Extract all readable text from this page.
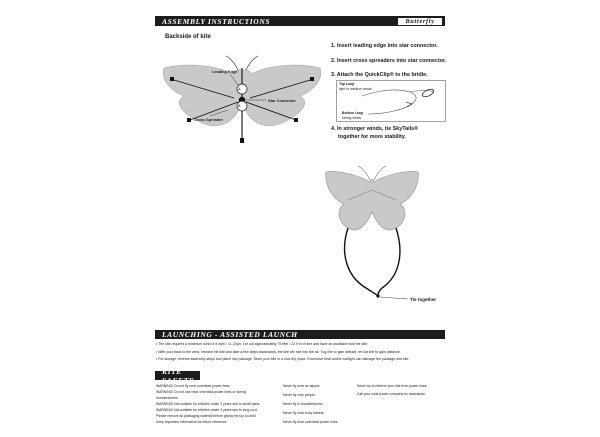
ASSEMBLY INSTRUCTIONS	Butterfly
Backside of kite
1.
2.
Leading Edge
Star Connecter
Cross Spreader
1. Insert leading edge into star connector.
2. Insert cross spreaders into star connector.
3. Attach the QuickClip® to the bridle.
4. In stronger winds, tie SkyTails®
together for more stability.
Top Loop
light to medium winds
Bottom Loop
strong winds
Tie together
LAUNCHING - ASSISTED LAUNCH
• The kite requires a minimum wind of 8 mph / 11.3 kph. Let out approximately 75 feet / 22.9 m of line and have an assistant hold the kite.
• With your back to the wind, release the kite and take a few steps backwards, the kite will rise into the air. Tug line to gain altitude, let out line to gain distance.
• For storage, reverse assembly steps and place into package. Store your kite in a cool dry place. Excessive heat and/or sunlight can damage the package and kite.
KITE SAFETY
WARNING! Do not fly near overhead power lines.
WARNING! Do not use near overhead power lines or during
thunderstorms.
WARNING! Not suitable for children under 3 years due to small parts.
WARNING! Not suitable for children under 3 years due to long cord.
Please remove all packaging material before giving the toy to child.
Keep important information for future reference.
Never fly near an airport.
Never fly over people.
Never fly in thunderstorms.
Never fly near busy streets.
Never fly near overhead power lines.
Never try to retrieve your kite from power lines.
Call your local power company for assistance.
